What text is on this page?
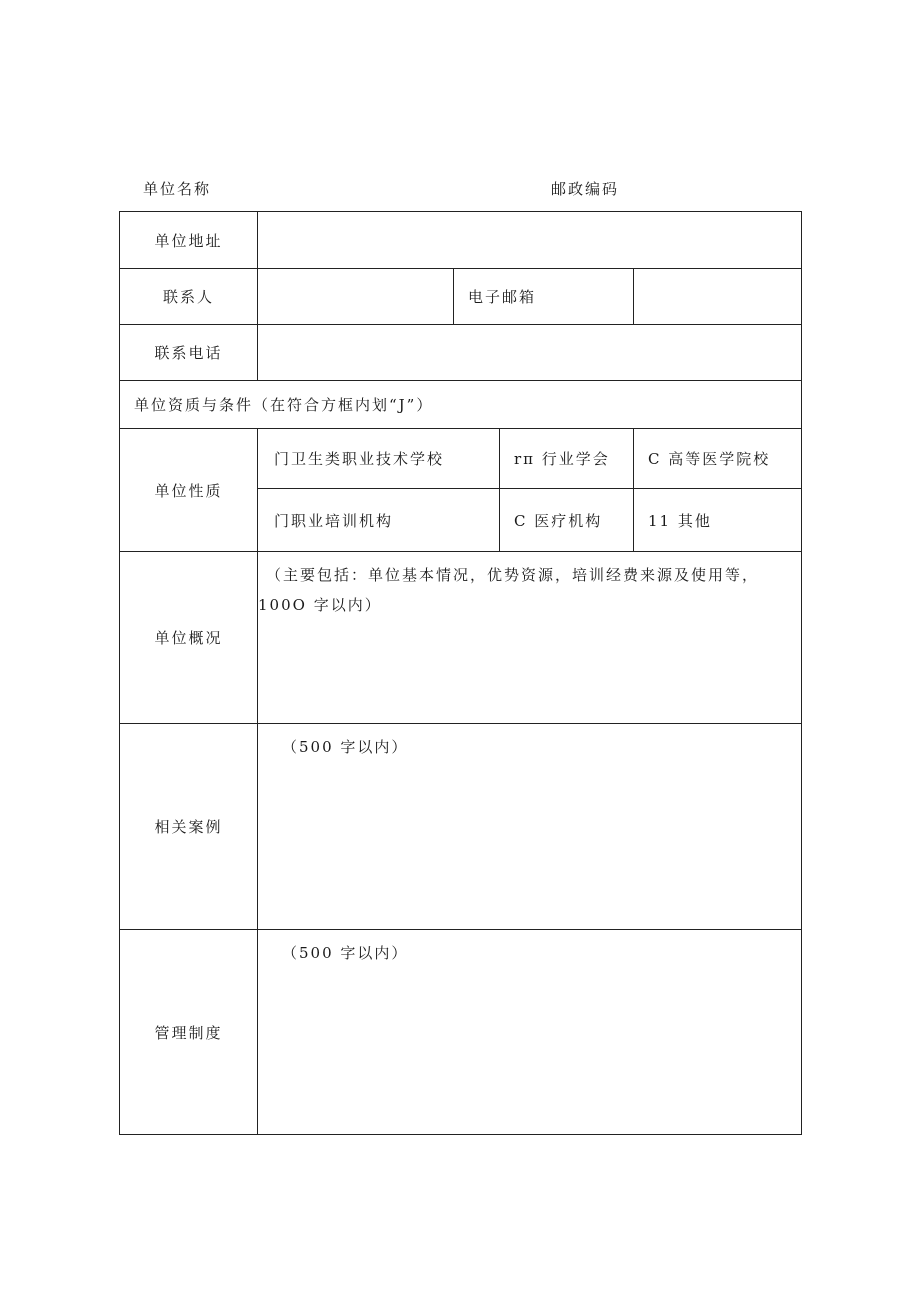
单位名称	邮政编码
单位地址				
联系人		电子邮箱		
联系电话				
单位资质与条件（在符合方框内划“J”）				
单位性质	门卫生类职业技术学校		rπ 行业学会	C 高等医学院校
	门职业培训机构		C 医疗机构	11 其他
单位概况	（主要包括：单位基本情况，优势资源，培训经费来源及使用等，
100O 字以内）			

相关案例	（500 字以内）			

管理制度	（500 字以内）			
